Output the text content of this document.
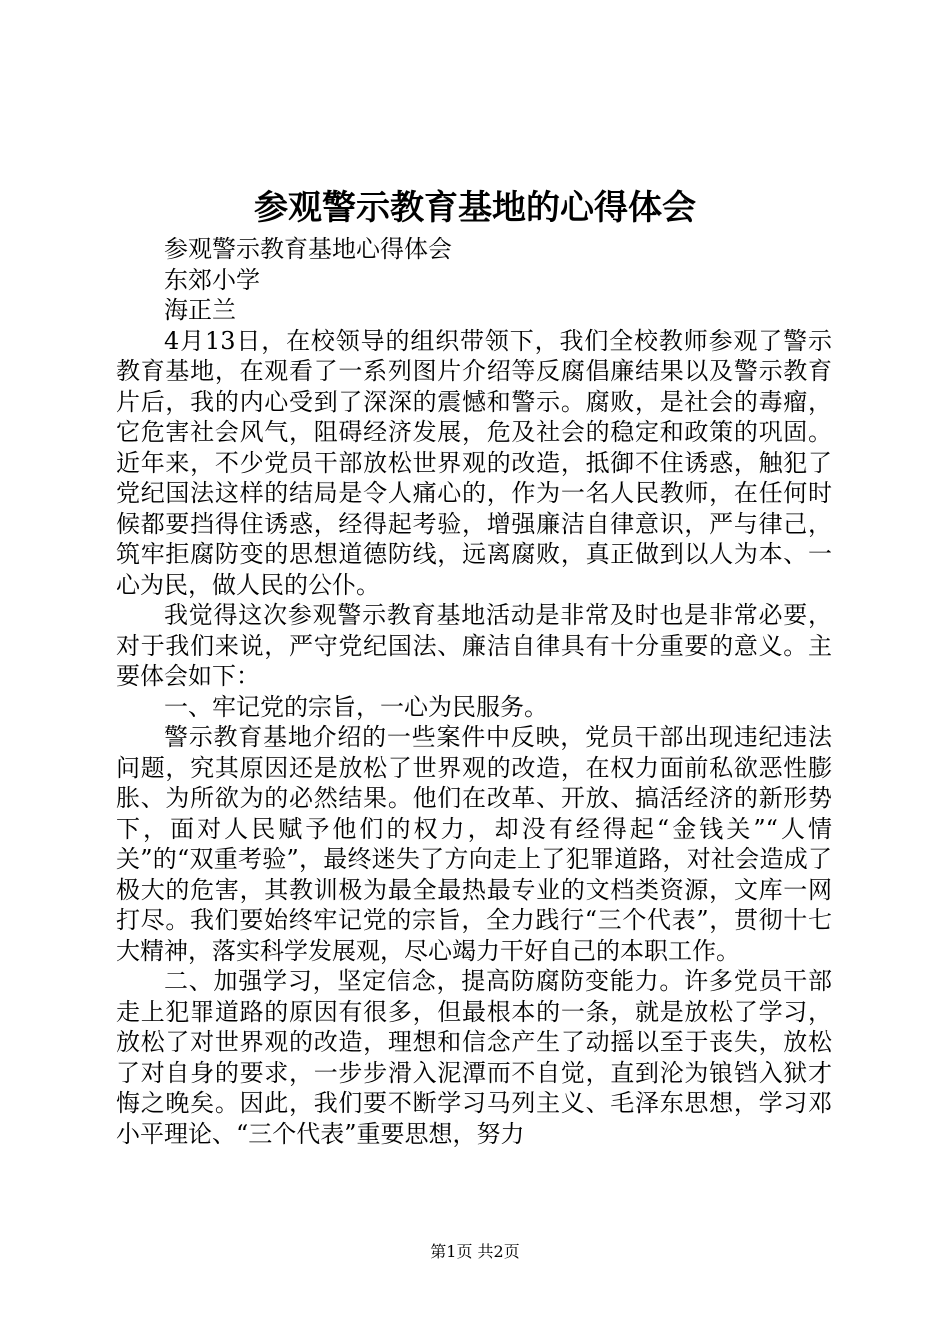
参观警示教育基地的心得体会

参观警示教育基地心得体会

东郊小学

海正兰

4月13日，在校领导的组织带领下，我们全校教师参观了警示教育基地，在观看了一系列图片介绍等反腐倡廉结果以及警示教育片后，我的内心受到了深深的震憾和警示。腐败，是社会的毒瘤，它危害社会风气，阻碍经济发展，危及社会的稳定和政策的巩固。近年来，不少党员干部放松世界观的改造，抵御不住诱惑，触犯了党纪国法这样的结局是令人痛心的，作为一名人民教师，在任何时候都要挡得住诱惑，经得起考验，增强廉洁自律意识，严与律己，筑牢拒腐防变的思想道德防线，远离腐败，真正做到以人为本、一心为民，做人民的公仆。

我觉得这次参观警示教育基地活动是非常及时也是非常必要，对于我们来说，严守党纪国法、廉洁自律具有十分重要的意义。主要体会如下：

一、牢记党的宗旨，一心为民服务。

警示教育基地介绍的一些案件中反映，党员干部出现违纪违法问题，究其原因还是放松了世界观的改造，在权力面前私欲恶性膨胀、为所欲为的必然结果。他们在改革、开放、搞活经济的新形势下，面对人民赋予他们的权力，却没有经得起“金钱关”“人情关”的“双重考验”，最终迷失了方向走上了犯罪道路，对社会造成了极大的危害，其教训极为最全最热最专业的文档类资源，文库一网打尽。我们要始终牢记党的宗旨，全力践行“三个代表”，贯彻十七大精神，落实科学发展观，尽心竭力干好自己的本职工作。

二、加强学习，坚定信念，提高防腐防变能力。许多党员干部走上犯罪道路的原因有很多，但最根本的一条，就是放松了学习，放松了对世界观的改造，理想和信念产生了动摇以至于丧失，放松了对自身的要求，一步步滑入泥潭而不自觉，直到沦为锒铛入狱才悔之晚矣。因此，我们要不断学习马列主义、毛泽东思想，学习邓小平理论、“三个代表”重要思想，努力

第1页 共2页
